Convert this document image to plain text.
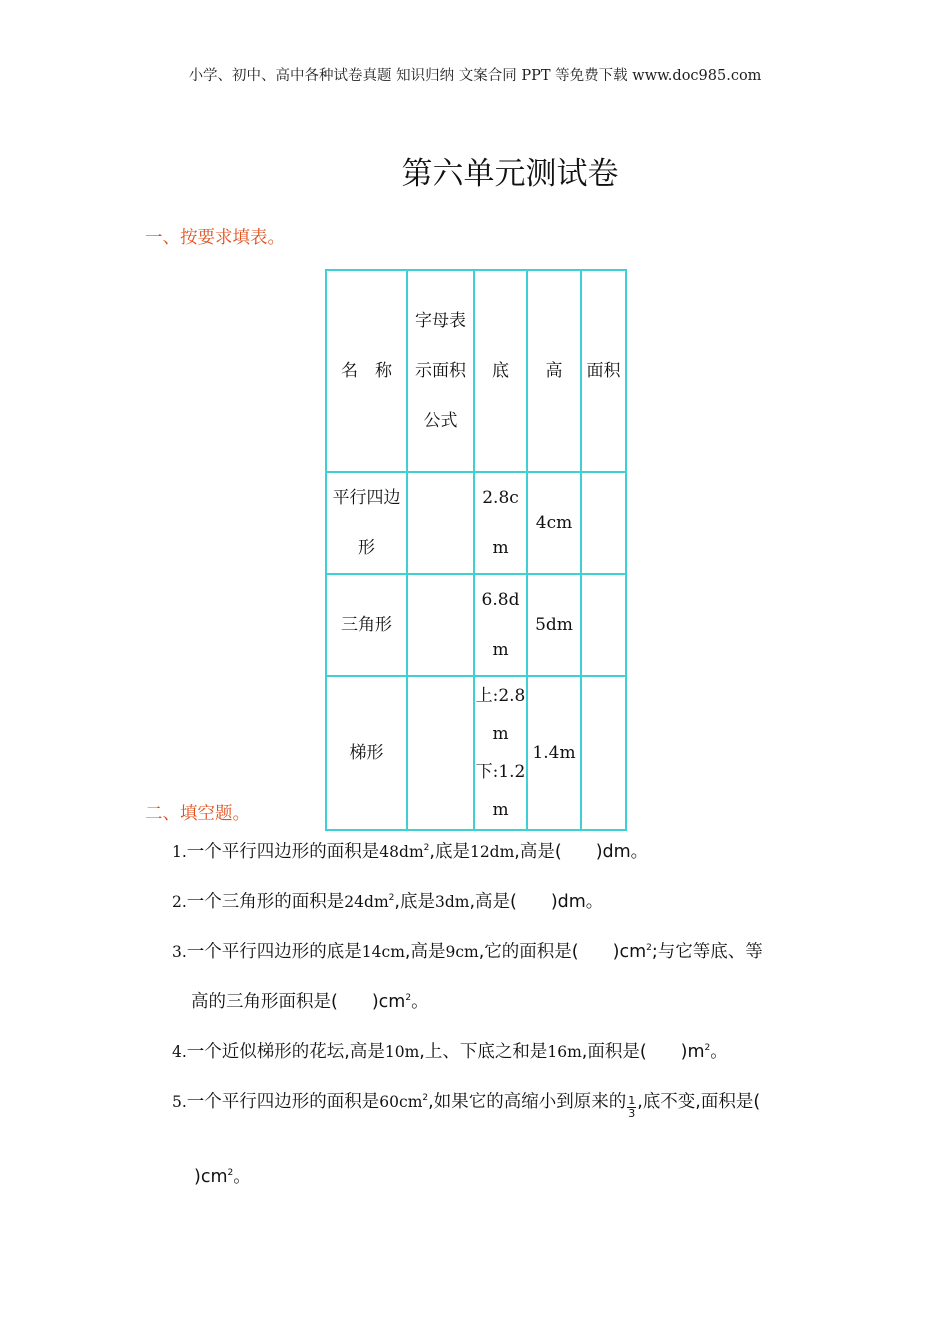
小学、初中、高中各种试卷真题 知识归纳 文案合同 PPT 等免费下载 www.doc985.com
第六单元测试卷
一、按要求填表。
名　称	字母表示面积公式	底	高	面积
平行四边形		2.8cm	4cm	
三角形		6.8dm	5dm	
梯形		上:2.8m
下:1.2m	1.4m	
二、填空题。
1.一个平行四边形的面积是$48dm^2$,底是12dm,高是( )dm。
2.一个三角形的面积是$24dm^2$,底是3dm,高是( )dm。
3.一个平行四边形的底是14cm,高是9cm,它的面积是( )$cm^2$;与它等底、等
高的三角形面积是( )$cm^2$。
4.一个近似梯形的花坛,高是10m,上、下底之和是16m,面积是( )$m^2$。
5.一个平行四边形的面积是$60cm^2$,如果它的高缩小到原来的 $\frac{1}{3}$ ,底不变,面积是(
)$cm^2$。
